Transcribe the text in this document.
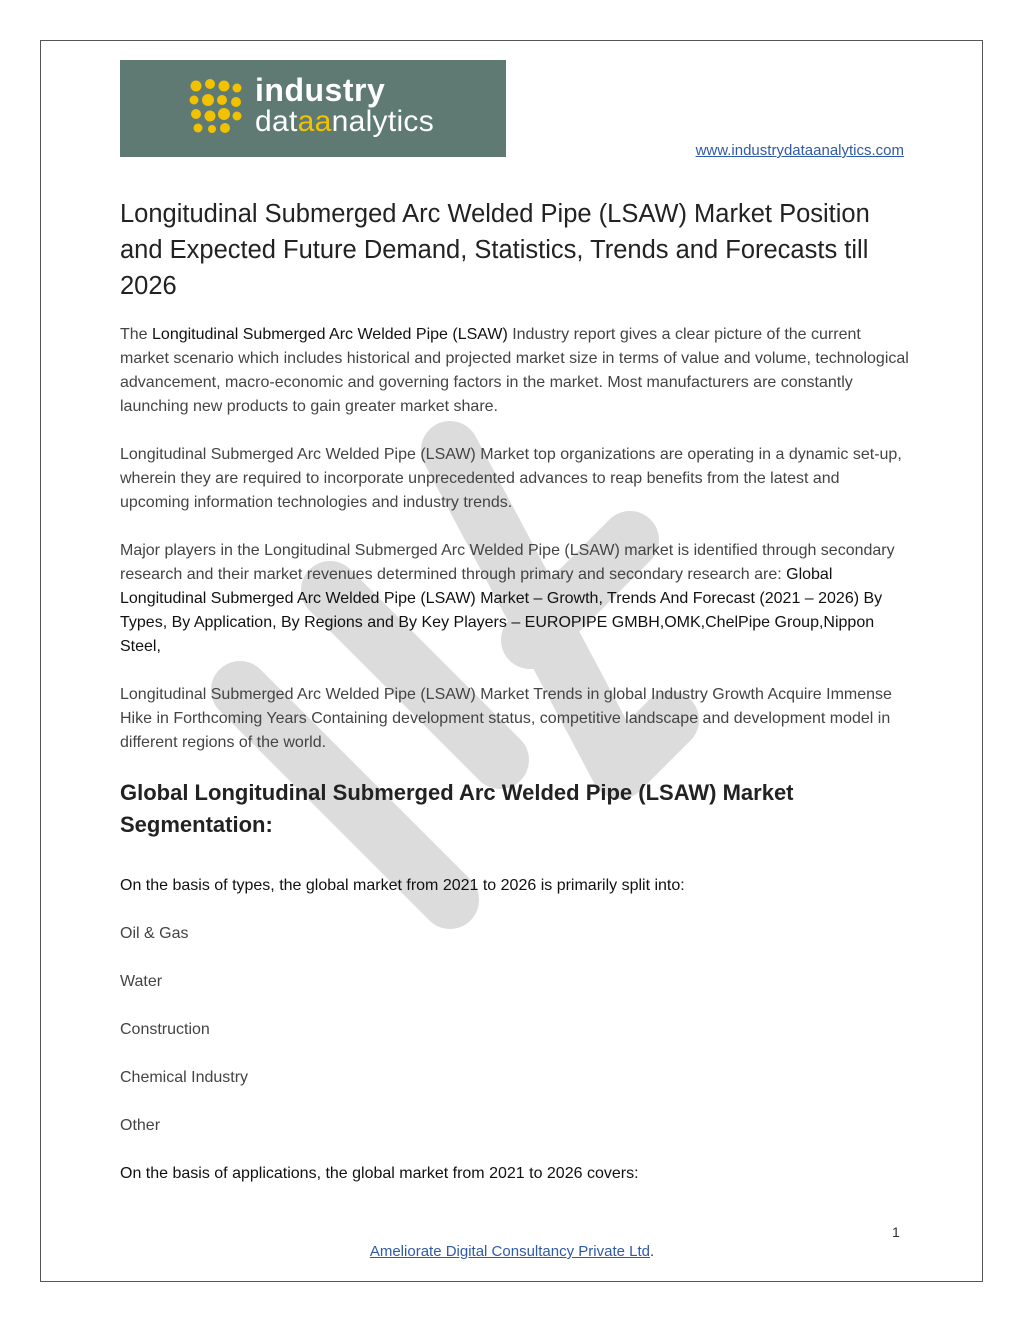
industry
dataanalytics
www.industrydataanalytics.com
Longitudinal Submerged Arc Welded Pipe (LSAW) Market Position and Expected Future Demand, Statistics, Trends and Forecasts till 2026

The Longitudinal Submerged Arc Welded Pipe (LSAW) Industry report gives a clear picture of the current market scenario which includes historical and projected market size in terms of value and volume, technological advancement, macro-economic and governing factors in the market. Most manufacturers are constantly launching new products to gain greater market share.

Longitudinal Submerged Arc Welded Pipe (LSAW) Market top organizations are operating in a dynamic set-up, wherein they are required to incorporate unprecedented advances to reap benefits from the latest and upcoming information technologies and industry trends.

Major players in the Longitudinal Submerged Arc Welded Pipe (LSAW) market is identified through secondary research and their market revenues determined through primary and secondary research are: Global Longitudinal Submerged Arc Welded Pipe (LSAW) Market – Growth, Trends And Forecast (2021 – 2026) By Types, By Application, By Regions and By Key Players – EUROPIPE GMBH,OMK,ChelPipe Group,Nippon Steel,

Longitudinal Submerged Arc Welded Pipe (LSAW) Market Trends in global Industry Growth Acquire Immense Hike in Forthcoming Years Containing development status, competitive landscape and development model in different regions of the world.

Global Longitudinal Submerged Arc Welded Pipe (LSAW) Market Segmentation:

On the basis of types, the global market from 2021 to 2026 is primarily split into:

Oil & Gas

Water

Construction

Chemical Industry

Other

On the basis of applications, the global market from 2021 to 2026 covers:

1
Ameliorate Digital Consultancy Private Ltd.
